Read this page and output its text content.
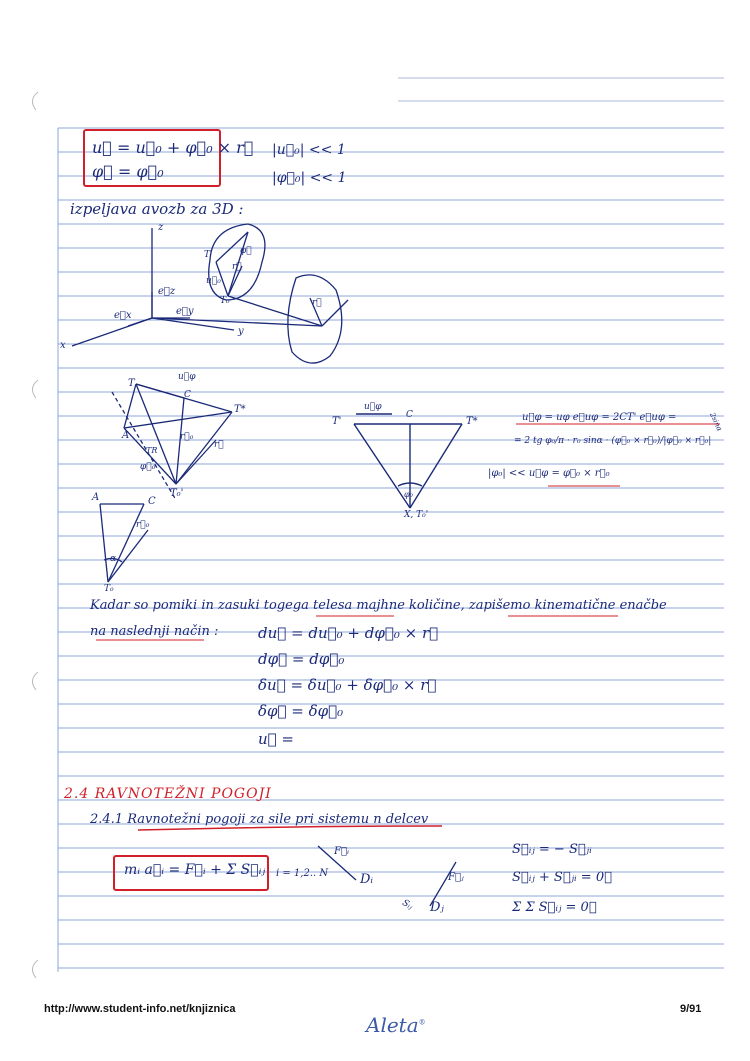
u⃗ = u⃗₀ + φ⃗₀ × r⃗
φ⃗ = φ⃗₀
|u⃗₀| << 1
|φ⃗₀| << 1
izpeljava avozb za 3D :
z
x
y
e⃗z
e⃗x	e⃗y
T
T₀
r⃗
φ⃗
u⃗₀
r⃗
T
T*
A
C
T₀'
u⃗φ
r⃗
r⃗₀
φ⃗₀
TR
A	C
r⃗₀
α
T₀
T'
C
T*
u⃗φ
φ₀
X, T₀'
u⃗φ = uφ e⃗uφ = 2CT' e⃗uφ =
= 2 tg φ₀/π · r₀ sinα · (φ⃗₀ × r⃗₀)/|φ⃗₀ × r⃗₀|
|φ₀| << u⃗φ = φ⃗₀ × r⃗₀
2sinα
Kadar so pomiki in zasuki togega telesa majhne količine, zapišemo kinematične enačbe
na naslednji način :	du⃗ = du⃗₀ + dφ⃗₀ × r⃗
dφ⃗ = dφ⃗₀
δu⃗ = δu⃗₀ + δφ⃗₀ × r⃗
δφ⃗ = δφ⃗₀
u⃗ =
2.4 RAVNOTEŽNI POGOJI
2.4.1 Ravnotežni pogoji za sile pri sistemu n delcev
mᵢ a⃗ᵢ = F⃗ᵢ + Σ S⃗ᵢⱼ i = 1,2.. N
F⃗ᵢ
Dᵢ	F⃗ⱼ
Dⱼ
Sᵢⱼ
S⃗ᵢⱼ = − S⃗ⱼᵢ
S⃗ᵢⱼ + S⃗ⱼᵢ = 0⃗
Σ Σ S⃗ᵢⱼ = 0⃗
http://www.student-info.net/knjiznica	9/91
Aleta®
